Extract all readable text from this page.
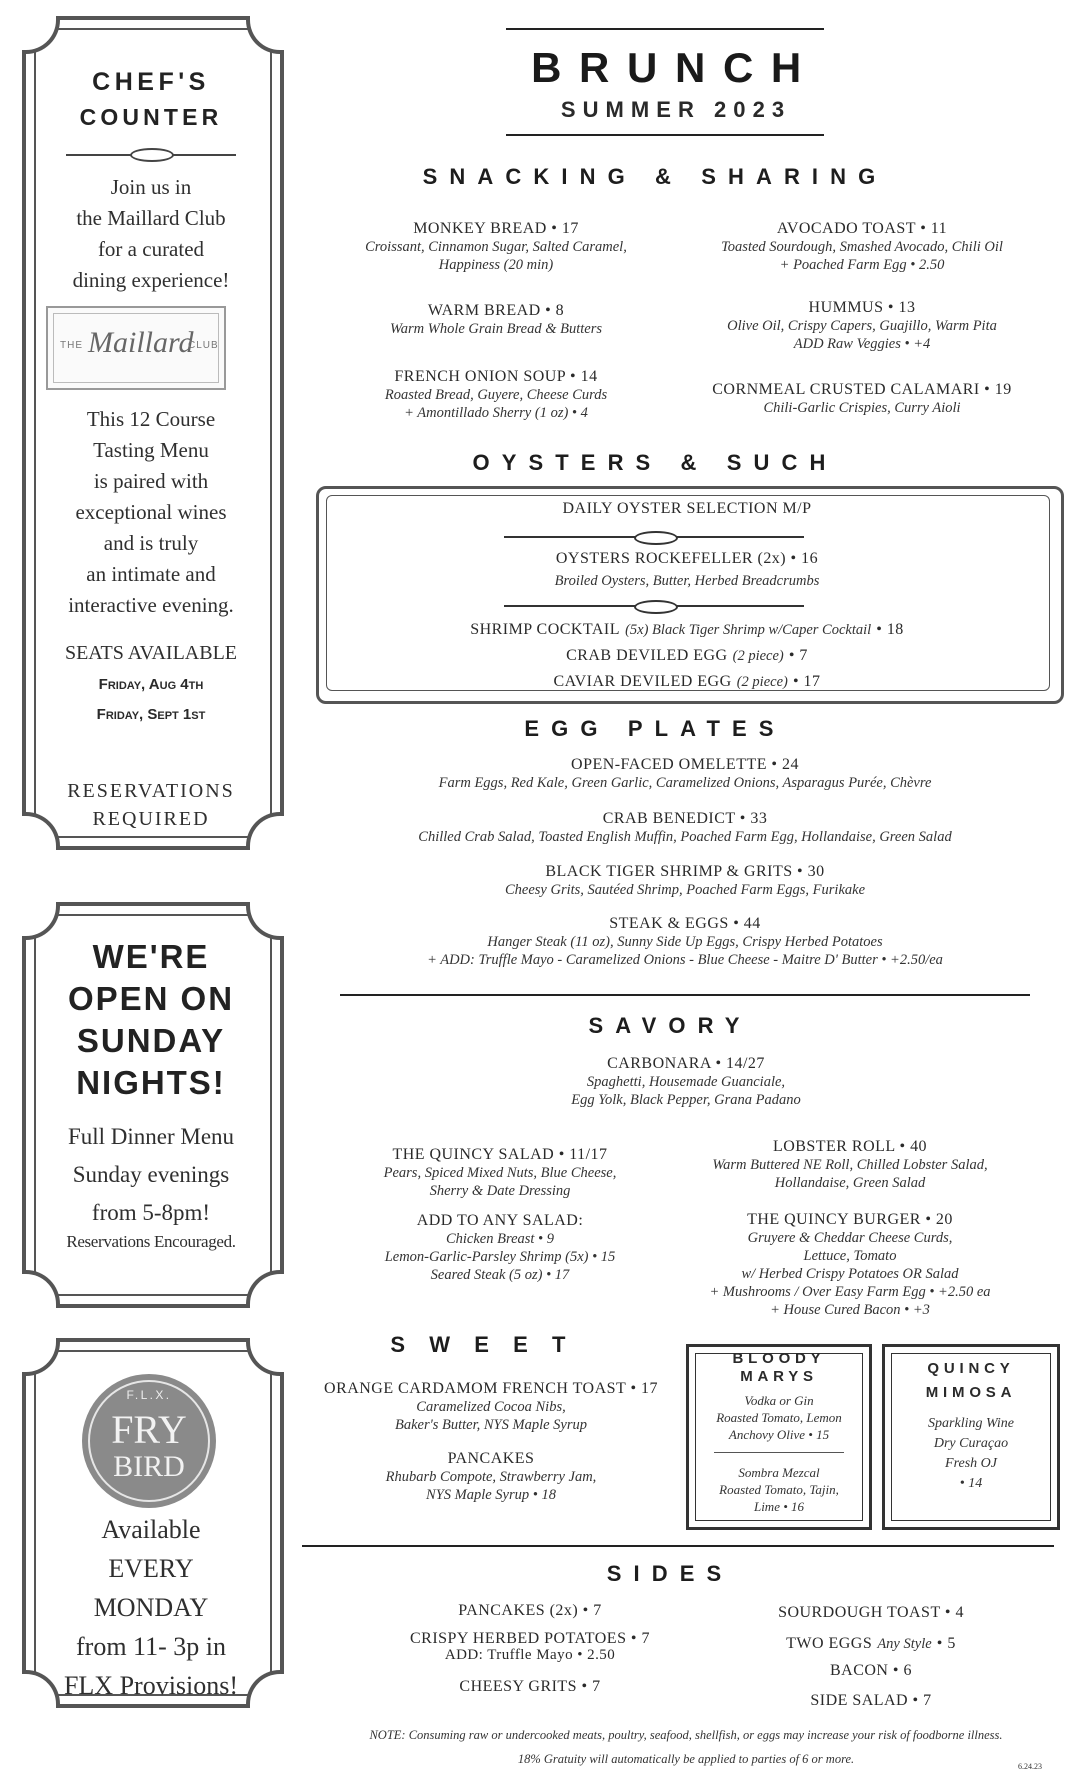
CHEF'S
COUNTER
Join us in
the Maillard Club
for a curated
dining experience!
THE Maillard
CLUB
This 12 Course
Tasting Menu
is paired with
exceptional wines
and is truly
an intimate and
interactive evening.
SEATS AVAILABLE
Friday, Aug 4th
Friday, Sept 1st
RESERVATIONS
REQUIRED
WE'RE
OPEN ON
SUNDAY
NIGHTS!
Full Dinner Menu
Sunday evenings
from 5-8pm!
Reservations Encouraged.
F.L.X.
FRY
BIRD
Available
EVERY
MONDAY
from 11- 3p in
FLX Provisions!
BRUNCH
SUMMER 2023
SNACKING & SHARING
MONKEY BREAD • 17
Croissant, Cinnamon Sugar, Salted Caramel,
Happiness (20 min)
WARM BREAD • 8
Warm Whole Grain Bread & Butters
FRENCH ONION SOUP • 14
Roasted Bread, Guyere, Cheese Curds
+ Amontillado Sherry (1 oz) • 4
AVOCADO TOAST • 11
Toasted Sourdough, Smashed Avocado, Chili Oil
+ Poached Farm Egg • 2.50
HUMMUS • 13
Olive Oil, Crispy Capers, Guajillo, Warm Pita
ADD Raw Veggies • +4
CORNMEAL CRUSTED CALAMARI • 19
Chili-Garlic Crispies, Curry Aioli
OYSTERS & SUCH
DAILY OYSTER SELECTION M/P
OYSTERS ROCKEFELLER (2x) • 16
Broiled Oysters, Butter, Herbed Breadcrumbs
SHRIMP COCKTAIL (5x) Black Tiger Shrimp w/Caper Cocktail • 18
CRAB DEVILED EGG (2 piece) • 7
CAVIAR DEVILED EGG (2 piece) • 17
EGG PLATES
OPEN-FACED OMELETTE • 24
Farm Eggs, Red Kale, Green Garlic, Caramelized Onions, Asparagus Purée, Chèvre
CRAB BENEDICT • 33
Chilled Crab Salad, Toasted English Muffin, Poached Farm Egg, Hollandaise, Green Salad
BLACK TIGER SHRIMP & GRITS • 30
Cheesy Grits, Sautéed Shrimp, Poached Farm Eggs, Furikake
STEAK & EGGS • 44
Hanger Steak (11 oz), Sunny Side Up Eggs, Crispy Herbed Potatoes
+ ADD: Truffle Mayo - Caramelized Onions - Blue Cheese - Maitre D' Butter • +2.50/ea
SAVORY
CARBONARA • 14/27
Spaghetti, Housemade Guanciale,
Egg Yolk, Black Pepper, Grana Padano
THE QUINCY SALAD • 11/17
Pears, Spiced Mixed Nuts, Blue Cheese,
Sherry & Date Dressing
ADD TO ANY SALAD:
Chicken Breast • 9
Lemon-Garlic-Parsley Shrimp (5x) • 15
Seared Steak (5 oz) • 17
LOBSTER ROLL • 40
Warm Buttered NE Roll, Chilled Lobster Salad,
Hollandaise, Green Salad
THE QUINCY BURGER • 20
Gruyere & Cheddar Cheese Curds,
Lettuce, Tomato
w/ Herbed Crispy Potatoes OR Salad
+ Mushrooms / Over Easy Farm Egg • +2.50 ea
+ House Cured Bacon • +3
SWEET
ORANGE CARDAMOM FRENCH TOAST • 17
Caramelized Cocoa Nibs,
Baker's Butter, NYS Maple Syrup
PANCAKES
Rhubarb Compote, Strawberry Jam,
NYS Maple Syrup • 18
BLOODY
MARYS
Vodka or Gin
Roasted Tomato, Lemon
Anchovy Olive • 15
Sombra Mezcal
Roasted Tomato, Tajin,
Lime • 16
QUINCY
MIMOSA
Sparkling Wine
Dry Curaçao
Fresh OJ
• 14
SIDES
PANCAKES (2x) • 7
CRISPY HERBED POTATOES • 7
ADD: Truffle Mayo • 2.50
CHEESY GRITS • 7
SOURDOUGH TOAST • 4
TWO EGGS Any Style • 5
BACON • 6
SIDE SALAD • 7
NOTE: Consuming raw or undercooked meats, poultry, seafood, shellfish, or eggs may increase your risk of foodborne illness.
18% Gratuity will automatically be applied to parties of 6 or more.
6.24.23
